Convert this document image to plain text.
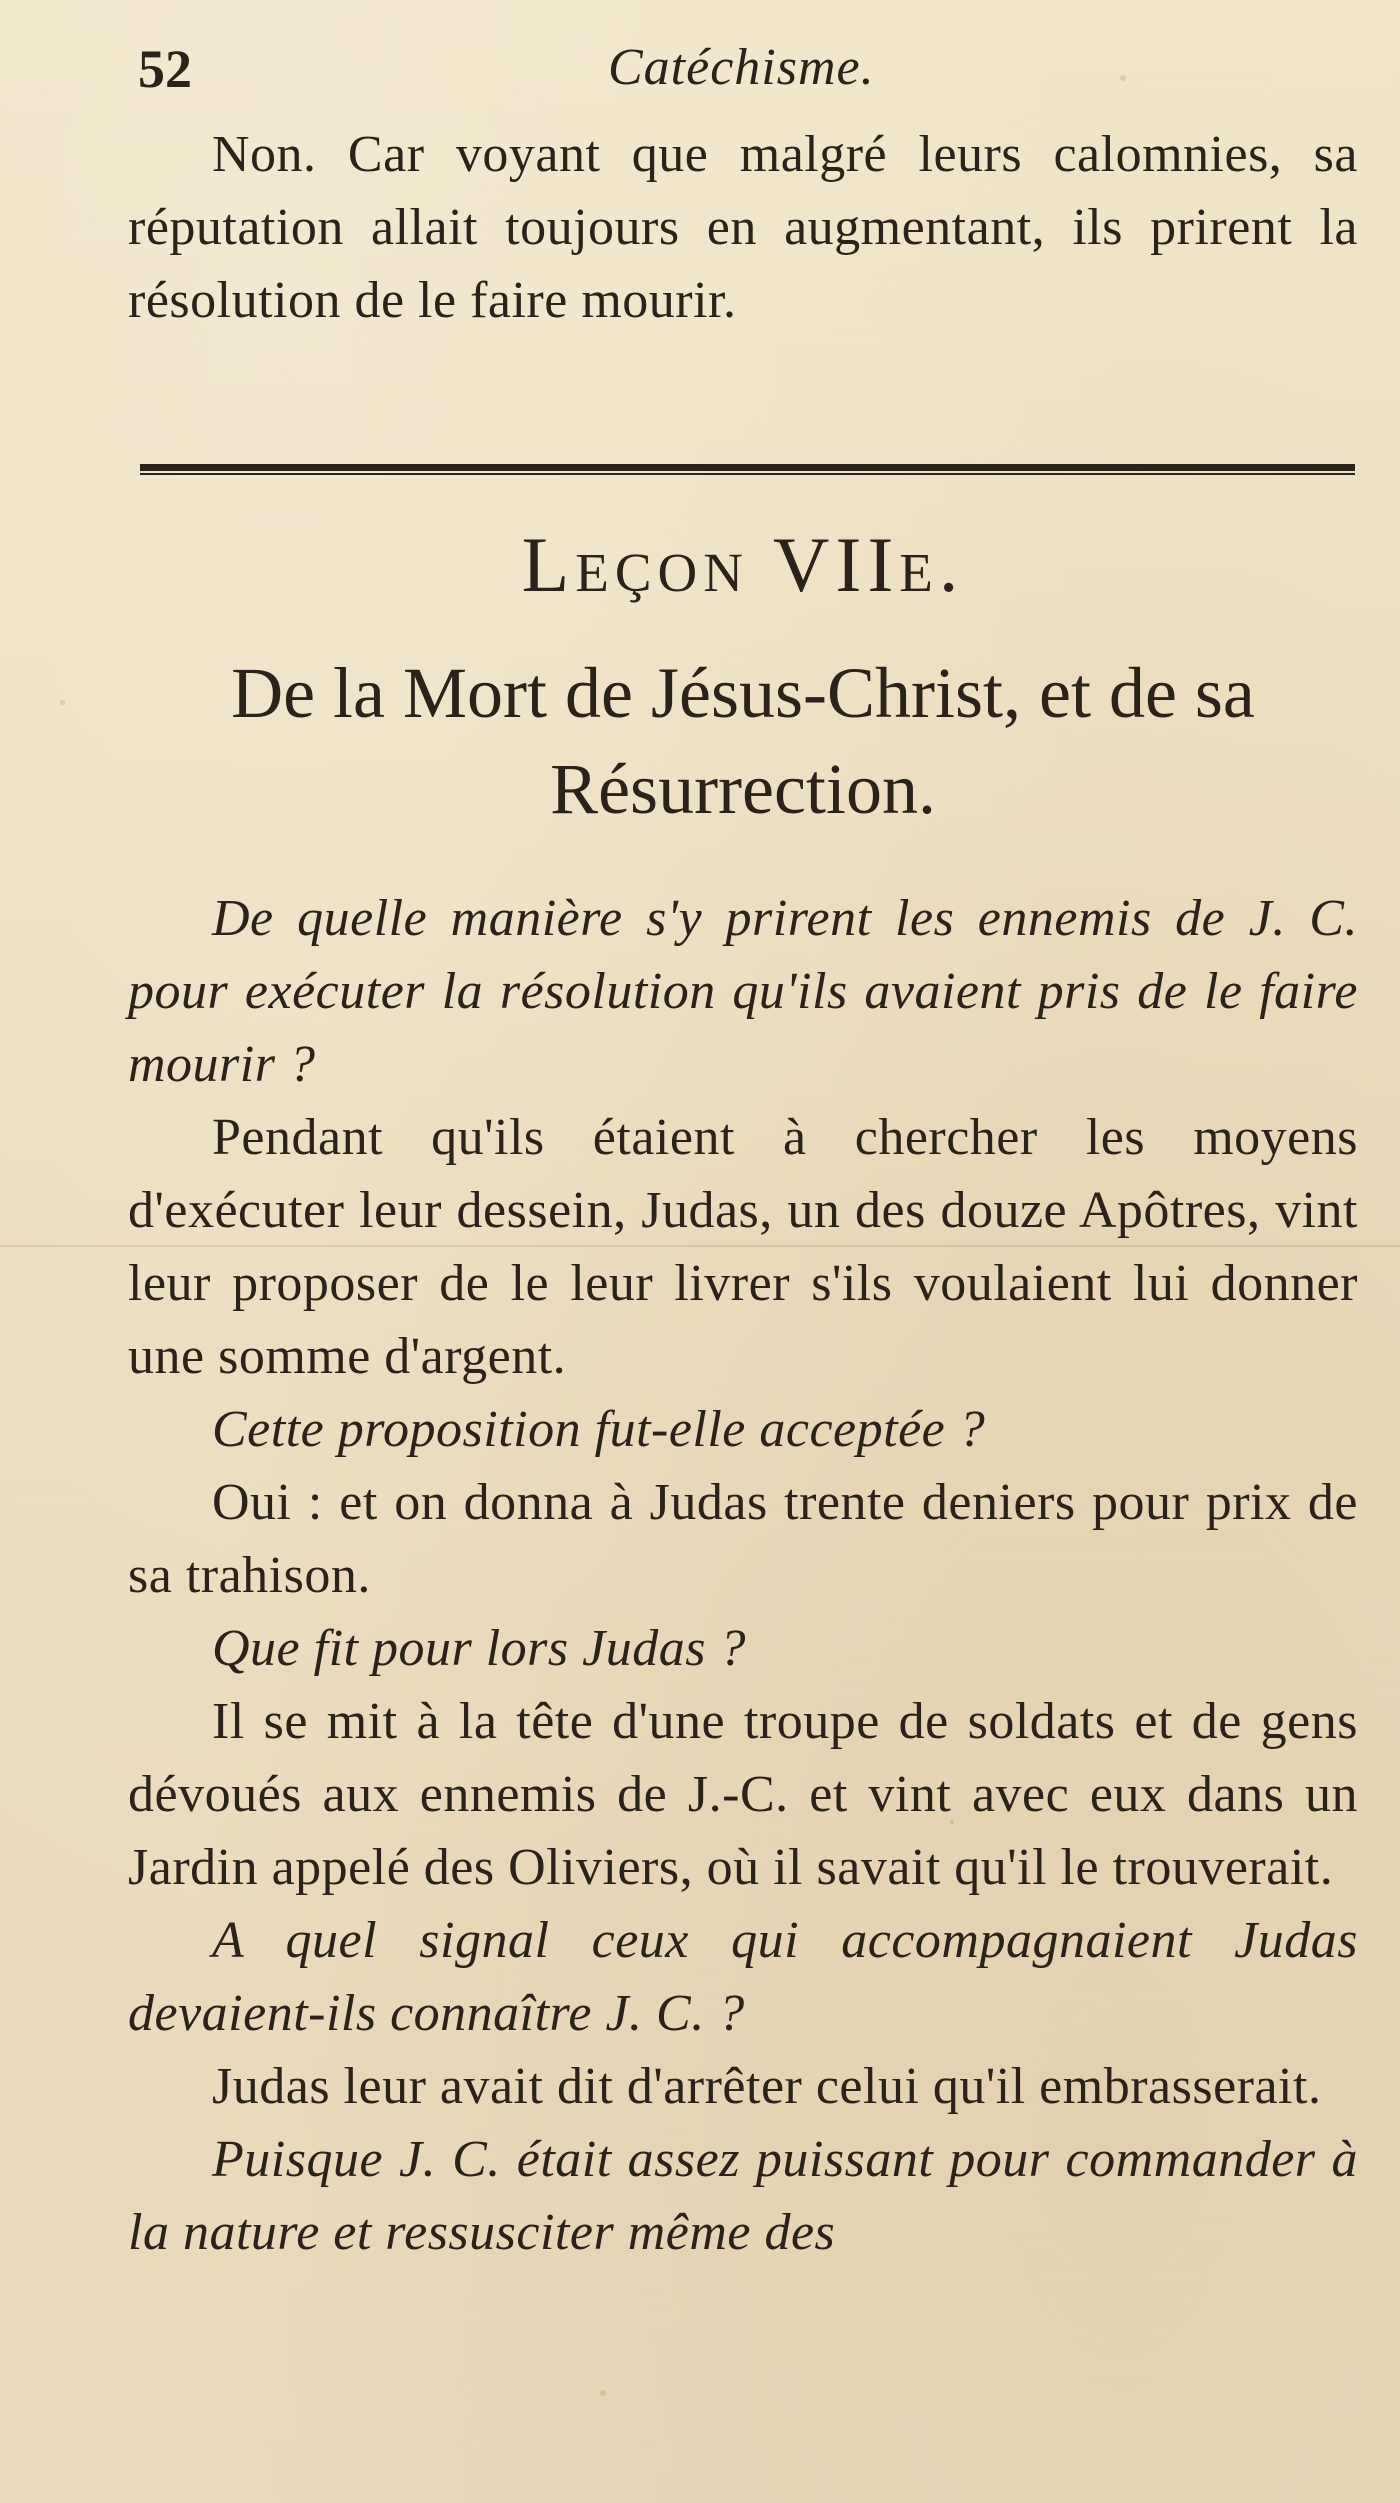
52	Catéchisme.

Non. Car voyant que malgré leurs calomnies, sa réputation allait toujours en augmentant, ils prirent la résolution de le faire mourir.

Leçon VIIe.

De la Mort de Jésus-Christ, et de sa Résurrection.

De quelle manière s'y prirent les ennemis de J. C. pour exécuter la résolution qu'ils avaient pris de le faire mourir ?

Pendant qu'ils étaient à chercher les moyens d'exécuter leur dessein, Judas, un des douze Apôtres, vint leur proposer de le leur livrer s'ils voulaient lui donner une somme d'argent.

Cette proposition fut-elle acceptée ?

Oui : et on donna à Judas trente deniers pour prix de sa trahison.

Que fit pour lors Judas ?

Il se mit à la tête d'une troupe de soldats et de gens dévoués aux ennemis de J.-C. et vint avec eux dans un Jardin appelé des Oliviers, où il savait qu'il le trouverait.

A quel signal ceux qui accompagnaient Judas devaient-ils connaître J. C. ?

Judas leur avait dit d'arrêter celui qu'il embrasserait.

Puisque J. C. était assez puissant pour commander à la nature et ressusciter même des
